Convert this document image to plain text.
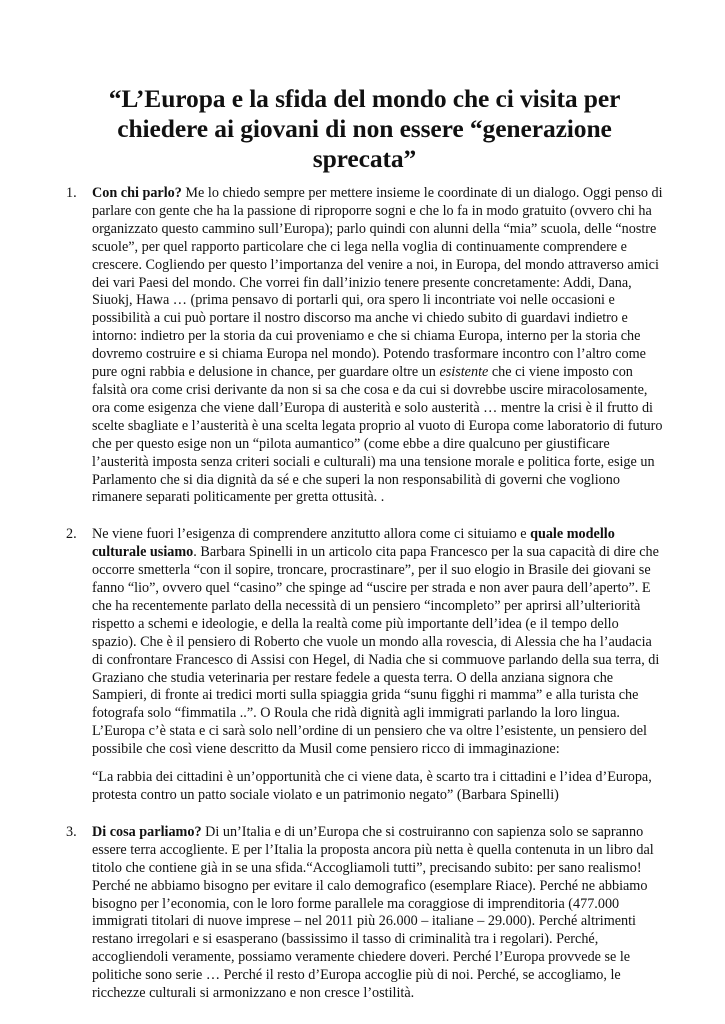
“L’Europa e la sfida del mondo che ci visita per chiedere ai giovani di non essere “generazione sprecata”
1.	Con chi parlo? Me lo chiedo sempre per mettere insieme le coordinate di un dialogo. Oggi penso di parlare con gente che ha la passione di riproporre sogni e che lo fa in modo gratuito (ovvero chi ha organizzato questo cammino sull’Europa); parlo quindi con alunni della “mia” scuola, delle “nostre scuole”, per quel rapporto particolare che ci lega nella voglia di continuamente comprendere e crescere. Cogliendo per questo l’importanza del venire a noi, in Europa, del mondo attraverso amici dei vari Paesi del mondo. Che vorrei fin dall’inizio tenere presente concretamente: Addi, Dana, Siuokj, Hawa … (prima pensavo di portarli qui, ora spero li incontriate voi nelle occasioni e possibilità a cui può portare il nostro discorso ma anche vi chiedo subito di guardavi indietro e intorno: indietro per la storia da cui proveniamo e che si chiama Europa, interno per la storia che dovremo costruire e si chiama Europa nel mondo). Potendo trasformare incontro con l’altro come pure ogni rabbia e delusione in chance, per guardare oltre un esistente che ci viene imposto con falsità ora come crisi derivante da non si sa che cosa e da cui si dovrebbe uscire miracolosamente, ora come esigenza che viene dall’Europa di austerità e solo austerità … mentre la crisi è il frutto di scelte sbagliate e l’austerità è una scelta legata proprio al vuoto di Europa come laboratorio di futuro che per questo esige non un “pilota aumantico” (come ebbe a dire qualcuno per giustificare l’austerità imposta senza criteri sociali e culturali) ma una tensione morale e politica forte, esige un Parlamento che si dia dignità da sé e che superi la non responsabilità di governi che vogliono rimanere separati politicamente per gretta ottusità. .

2.	Ne viene fuori l’esigenza di comprendere anzitutto allora come ci situiamo e quale modello culturale usiamo. Barbara Spinelli in un articolo cita papa Francesco per la sua capacità di dire che occorre smetterla “con il sopire, troncare, procrastinare”, per il suo elogio in Brasile dei giovani se fanno “lio”, ovvero quel “casino” che spinge ad “uscire per strada e non aver paura dell’aperto”. E che ha recentemente parlato della necessità di un pensiero “incompleto” per aprirsi all’ulteriorità rispetto a schemi e ideologie, e della la realtà come più importante dell’idea (e il tempo dello spazio). Che è il pensiero di Roberto che vuole un mondo alla rovescia, di Alessia che ha l’audacia di confrontare Francesco di Assisi con Hegel, di Nadia che si commuove parlando della sua terra, di Graziano che studia veterinaria per restare fedele a questa terra. O della anziana signora che Sampieri, di fronte ai tredici morti sulla spiaggia grida “sunu figghi ri mamma” e alla turista che fotografa solo “fimmatila ..”. O Roula che ridà dignità agli immigrati parlando la loro lingua. L’Europa c’è stata e ci sarà solo nell’ordine di un pensiero che va oltre l’esistente, un pensiero del possibile che così viene descritto da Musil come pensiero ricco di immaginazione:

“La rabbia dei cittadini è un’opportunità che ci viene data, è scarto tra i cittadini e l’idea d’Europa, protesta contro un patto sociale violato e un patrimonio negato” (Barbara Spinelli)

3.	Di cosa parliamo? Di un’Italia e di un’Europa che si costruiranno con sapienza solo se sapranno essere terra accogliente. E per l’Italia la proposta ancora più netta è quella contenuta in un libro dal titolo che contiene già in se una sfida.“Accogliamoli tutti”, precisando subito: per sano realismo! Perché ne abbiamo bisogno per evitare il calo demografico (esemplare Riace). Perché ne abbiamo bisogno per l’economia, con le loro forme parallele ma coraggiose di imprenditoria (477.000 immigrati titolari di nuove imprese – nel 2011 più 26.000 – italiane – 29.000). Perché altrimenti restano irregolari e si esasperano (bassissimo il tasso di criminalità tra i regolari). Perché, accogliendoli veramente, possiamo veramente chiedere doveri. Perché l’Europa provvede se le politiche sono serie … Perché il resto d’Europa accoglie più di noi. Perché, se accogliamo, le ricchezze culturali si armonizzano e non cresce l’ostilità.
